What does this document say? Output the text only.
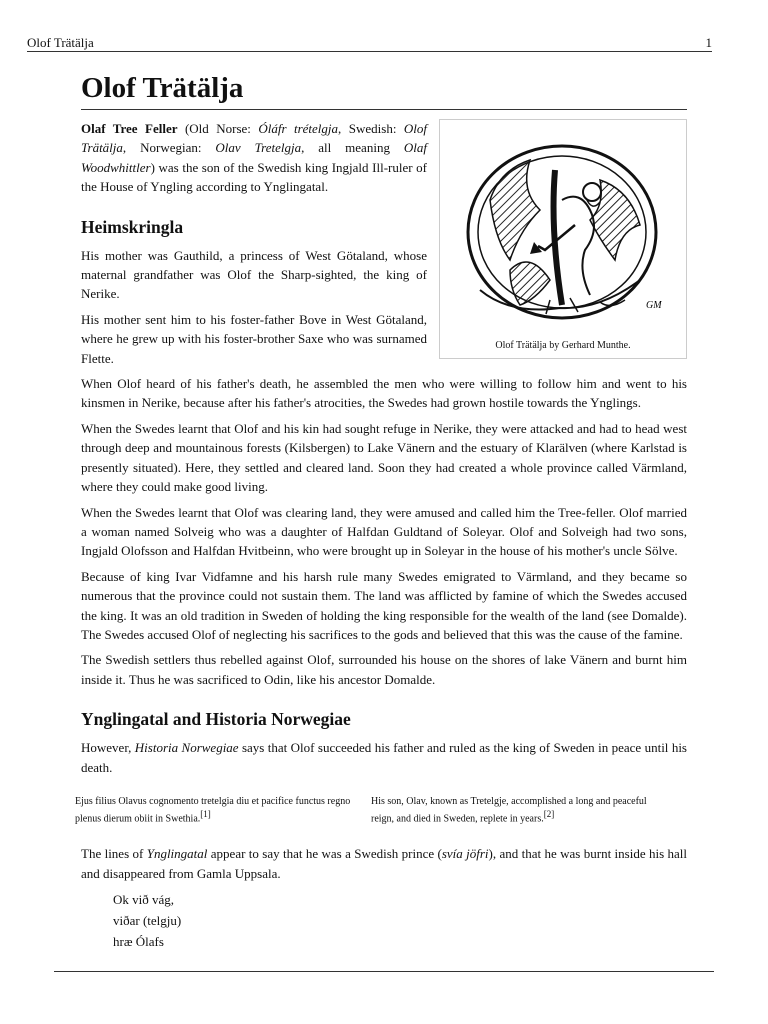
Olof Trätälja	1
Olof Trätälja
GM
Olof Trätälja by Gerhard Munthe.

Olaf Tree Feller (Old Norse: Óláfr trételgja, Swedish: Olof Trätälja, Norwegian: Olav Tretelgja, all meaning Olaf Woodwhittler) was the son of the Swedish king Ingjald Ill-ruler of the House of Yngling according to Ynglingatal.

Heimskringla

His mother was Gauthild, a princess of West Götaland, whose maternal grandfather was Olof the Sharp-sighted, the king of Nerike.

His mother sent him to his foster-father Bove in West Götaland, where he grew up with his foster-brother Saxe who was surnamed Flette.

When Olof heard of his father's death, he assembled the men who were willing to follow him and went to his kinsmen in Nerike, because after his father's atrocities, the Swedes had grown hostile towards the Ynglings.

When the Swedes learnt that Olof and his kin had sought refuge in Nerike, they were attacked and had to head west through deep and mountainous forests (Kilsbergen) to Lake Vänern and the estuary of Klarälven (where Karlstad is presently situated). Here, they settled and cleared land. Soon they had created a whole province called Värmland, where they could make good living.

When the Swedes learnt that Olof was clearing land, they were amused and called him the Tree-feller. Olof married a woman named Solveig who was a daughter of Halfdan Guldtand of Soleyar. Olof and Solveigh had two sons, Ingjald Olofsson and Halfdan Hvitbeinn, who were brought up in Soleyar in the house of his mother's uncle Sölve.

Because of king Ivar Vidfamne and his harsh rule many Swedes emigrated to Värmland, and they became so numerous that the province could not sustain them. The land was afflicted by famine of which the Swedes accused the king. It was an old tradition in Sweden of holding the king responsible for the wealth of the land (see Domalde). The Swedes accused Olof of neglecting his sacrifices to the gods and believed that this was the cause of the famine.

The Swedish settlers thus rebelled against Olof, surrounded his house on the shores of lake Vänern and burnt him inside it. Thus he was sacrificed to Odin, like his ancestor Domalde.

Ynglingatal and Historia Norwegiae

However, Historia Norwegiae says that Olof succeeded his father and ruled as the king of Sweden in peace until his death.

Ejus filius Olavus cognomento tretelgia diu et pacifice functus regno plenus dierum obiit in Swethia.[1]
His son, Olav, known as Tretelgje, accomplished a long and peaceful reign, and died in Sweden, replete in years.[2]

The lines of Ynglingatal appear to say that he was a Swedish prince (svía jöfri), and that he was burnt inside his hall and disappeared from Gamla Uppsala.

Ok við vág,
viðar (telgju)
hræ Ólafs
